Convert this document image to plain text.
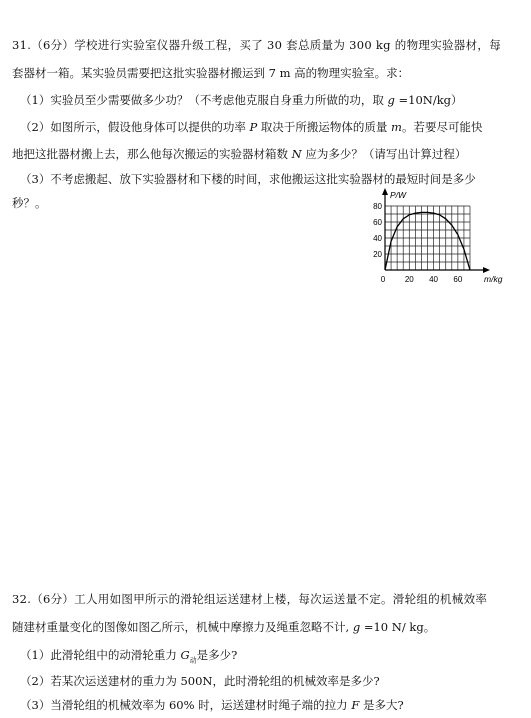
31.（6分）学校进行实验室仪器升级工程，买了 30 套总质量为 300 kg 的物理实验器材，每
套器材一箱。某实验员需要把这批实验器材搬运到 7 m 高的物理实验室。求：
（1）实验员至少需要做多少功？（不考虑他克服自身重力所做的功，取 g =10N/kg）
（2）如图所示，假设他身体可以提供的功率 P 取决于所搬运物体的质量 m。若要尽可能快
地把这批器材搬上去，那么他每次搬运的实验器材箱数 N 应为多少？（请写出计算过程）
（3）不考虑搬起、放下实验器材和下楼的时间，求他搬运这批实验器材的最短时间是多少
秒？。
20
40
60
80
20 40 60
0
P/W
m/kg
32.（6分）工人用如图甲所示的滑轮组运送建材上楼，每次运送量不定。滑轮组的机械效率
随建材重量变化的图像如图乙所示，机械中摩擦力及绳重忽略不计, g =10 N/ kg。
（1）此滑轮组中的动滑轮重力 $G_动$是多少?
（2）若某次运送建材的重力为 500N，此时滑轮组的机械效率是多少?
（3）当滑轮组的机械效率为 60% 时，运送建材时绳子端的拉力 F 是多大?
